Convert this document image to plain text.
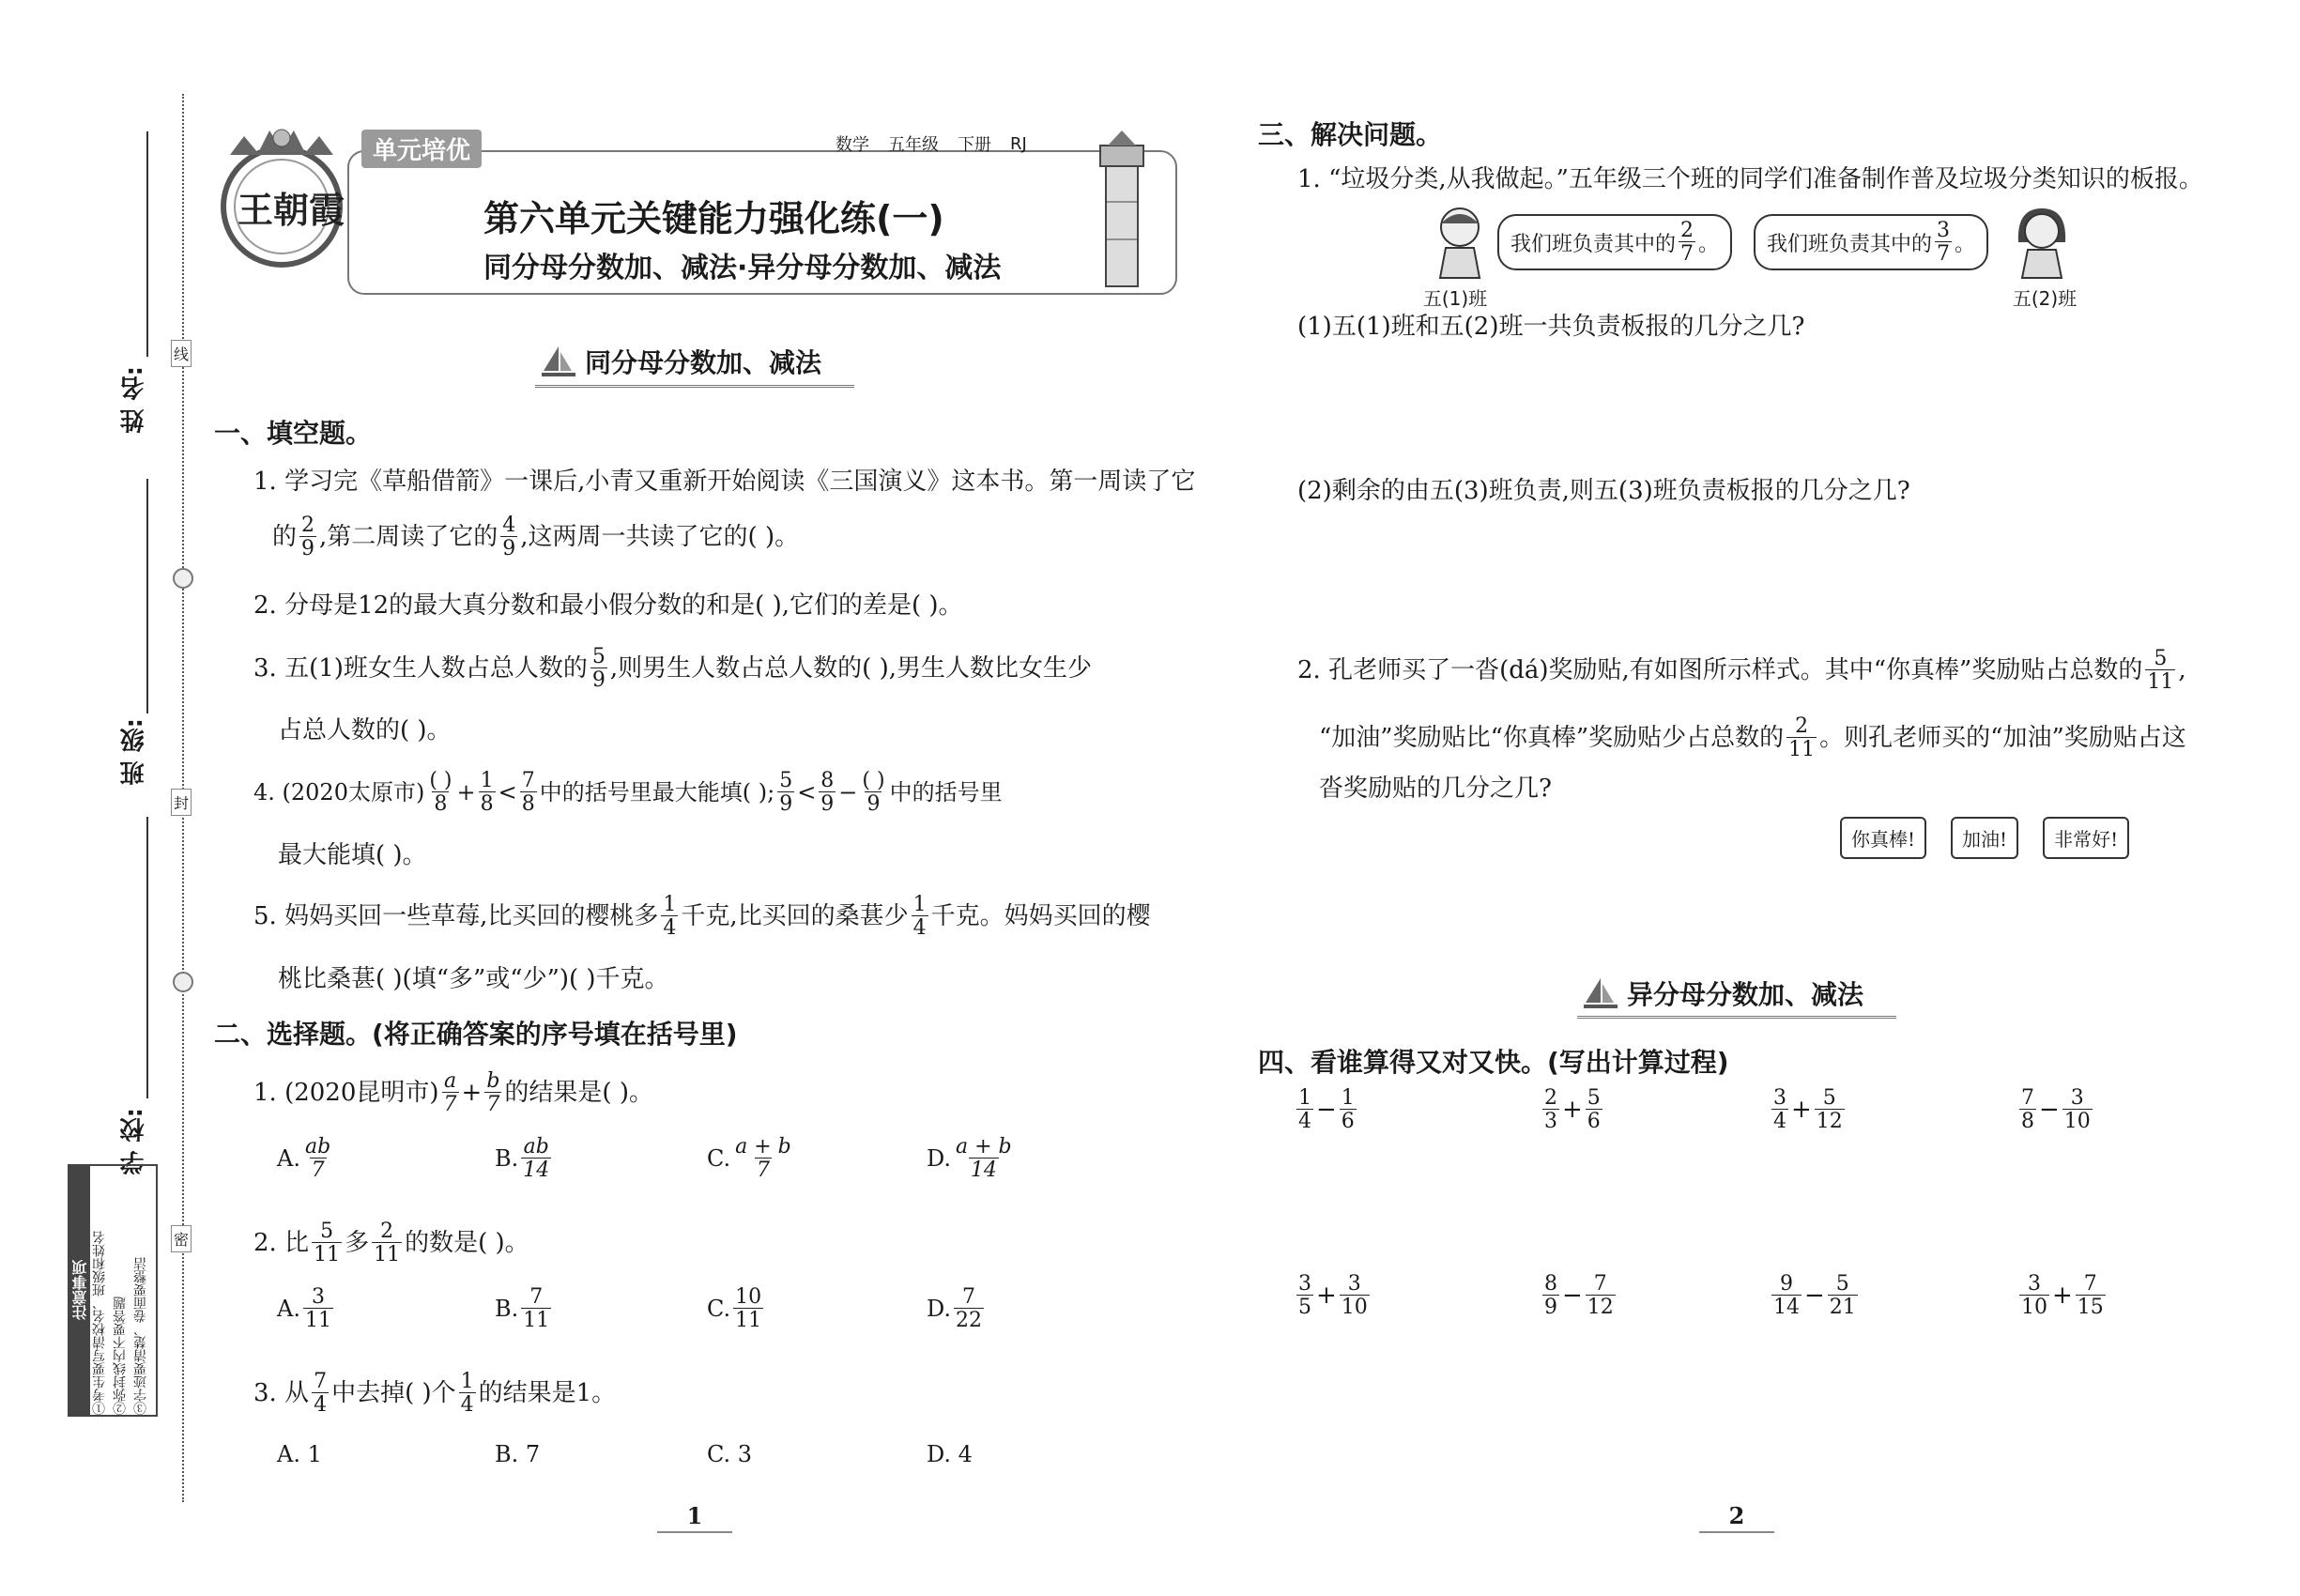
姓 名:
班 级:
学 校:
线
封
密
注意事项 ①考生要写清校名、班级和姓名 ②弥封线内不要答题 ③字迹要清楚、卷面要整洁
王朝霞
单元培优	数学 五年级 下册 RJ
第六单元关键能力强化练(一)
同分母分数加、减法·异分母分数加、减法
同分母分数加、减法
一、填空题。
1. 学习完《草船借箭》一课后,小青又重新开始阅读《三国演义》这本书。第一周读了它
的 $\frac{2}{9}$ ,第二周读了它的 $\frac{4}{9}$ ,这两周一共读了它的( )。
2. 分母是12的最大真分数和最小假分数的和是( ),它们的差是( )。
3. 五(1)班女生人数占总人数的 $\frac{5}{9}$ ,则男生人数占总人数的( ),男生人数比女生少
占总人数的( )。
4. (2020太原市) $\frac{( )}{8} + \frac{1}{8} < \frac{7}{8}$ 中的括号里最大能填( ); $\frac{5}{9} < \frac{8}{9} - \frac{( )}{9}$ 中的括号里
最大能填( )。
5. 妈妈买回一些草莓,比买回的樱桃多 $\frac{1}{4}$ 千克,比买回的桑葚少 $\frac{1}{4}$ 千克。妈妈买回的樱
桃比桑葚( )(填“多”或“少”)( )千克。
二、选择题。(将正确答案的序号填在括号里)
1. (2020昆明市) $\frac{a}{7} + \frac{b}{7}$ 的结果是( )。
A. $\frac{ab}{7}$	B. $\frac{ab}{14}$	C. $\frac{a + b}{7}$	D. $\frac{a + b}{14}$
2. 比 $\frac{5}{11}$ 多 $\frac{2}{11}$ 的数是( )。
A. $\frac{3}{11}$	B. $\frac{7}{11}$	C. $\frac{10}{11}$	D. $\frac{7}{22}$
3. 从 $\frac{7}{4}$ 中去掉( )个 $\frac{1}{4}$ 的结果是1。
A. 1	B. 7	C. 3	D. 4
1
三、解决问题。
1. “垃圾分类,从我做起。”五年级三个班的同学们准备制作普及垃圾分类知识的板报。
五(1)班
我们班负责其中的 $\frac{2}{7}$ 。 我们班负责其中的 $\frac{3}{7}$ 。
五(2)班
(1)五(1)班和五(2)班一共负责板报的几分之几?
(2)剩余的由五(3)班负责,则五(3)班负责板报的几分之几?
2. 孔老师买了一沓(dá)奖励贴,有如图所示样式。其中“你真棒”奖励贴占总数的 $\frac{5}{11}$ ,
“加油”奖励贴比“你真棒”奖励贴少占总数的 $\frac{2}{11}$ 。则孔老师买的“加油”奖励贴占这
沓奖励贴的几分之几?
你真棒!	加油!	非常好!
异分母分数加、减法
四、看谁算得又对又快。(写出计算过程)
$\frac{1}{4} - \frac{1}{6}$	$\frac{2}{3} + \frac{5}{6}$	$\frac{3}{4} + \frac{5}{12}$	$\frac{7}{8} - \frac{3}{10}$
$\frac{3}{5} + \frac{3}{10}$	$\frac{8}{9} - \frac{7}{12}$	$\frac{9}{14} - \frac{5}{21}$	$\frac{3}{10} + \frac{7}{15}$
2
